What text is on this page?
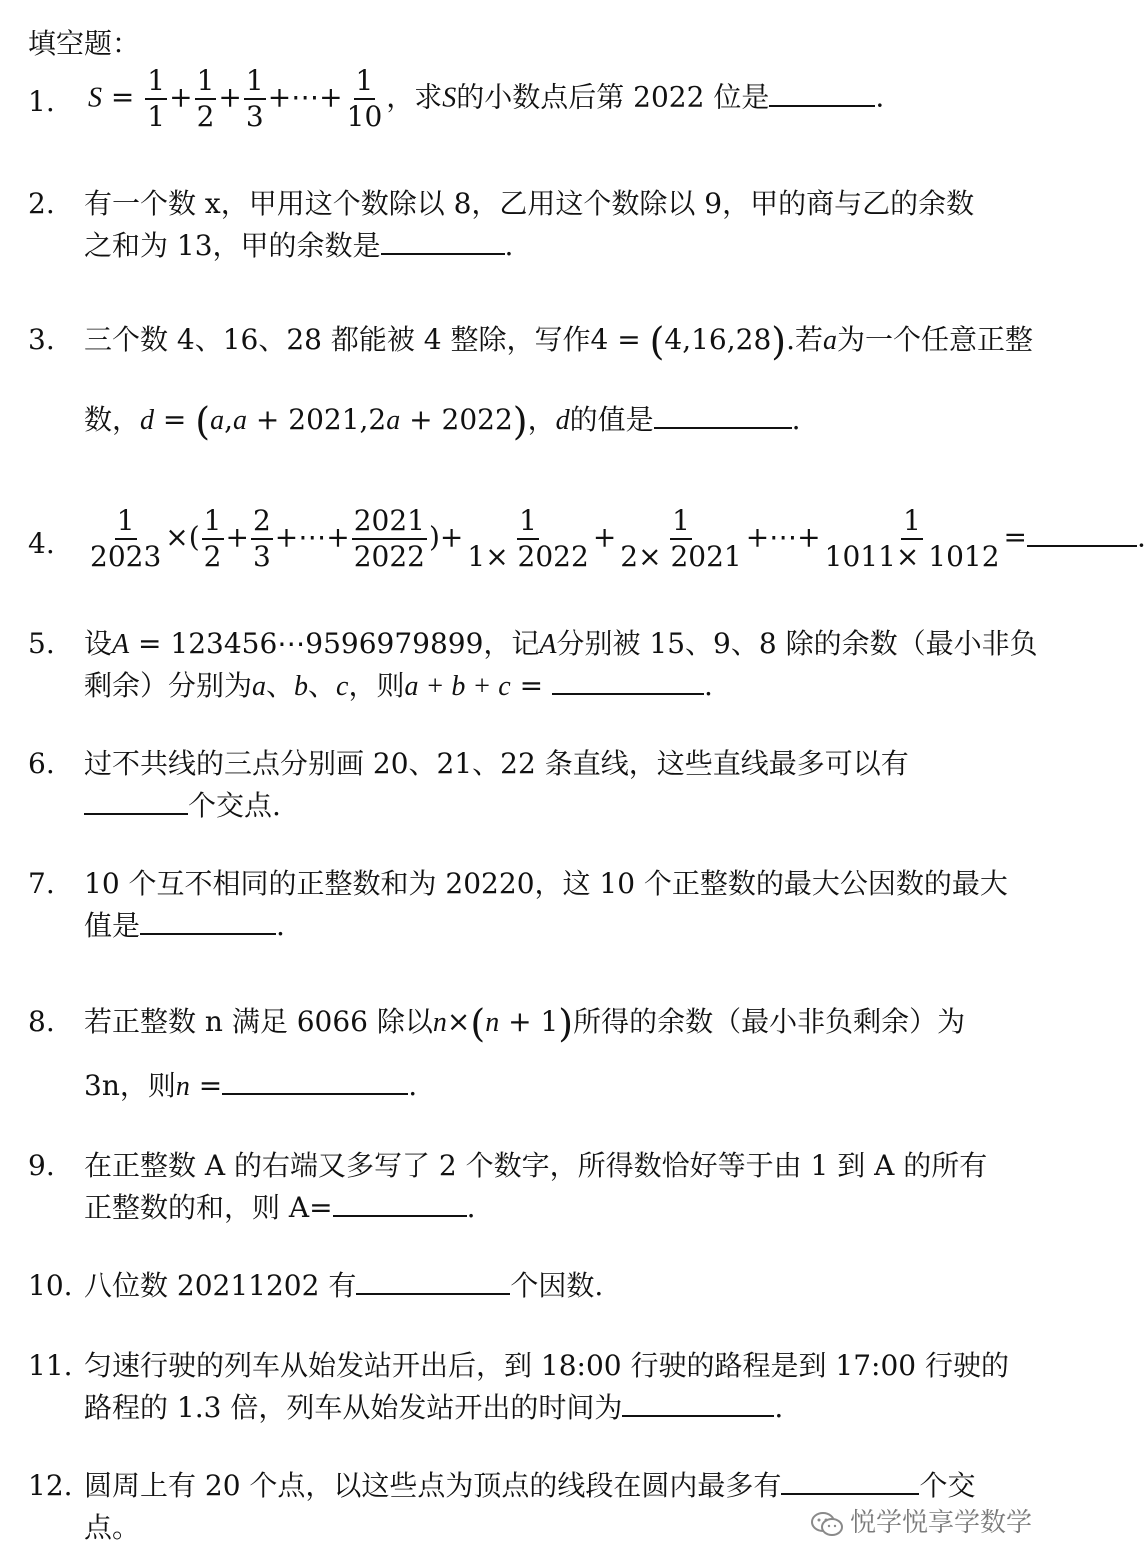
填空题：
1. $S = \frac{1}{1} + \frac{1}{2} + \frac{1}{3}$ +⋯+ $\frac{1}{10}$ ，求S的小数点后第 2022 位是	.
2. 有一个数 x，甲用这个数除以 8，乙用这个数除以 9，甲的商与乙的余数
之和为 13，甲的余数是	.
3. 三个数 4、16、28 都能被 4 整除，写作4 = (4,16,28).若a为一个任意正整
数，d = (a,a + 2021,2a + 2022)，d的值是	.
4. $\frac{1}{2023}$ ×( $\frac{1}{2} + \frac{2}{3}$ +⋯+ $\frac{2021}{2022}$ )+ $\frac{1}{1\times 2022} + \frac{1}{2\times 2021}$ +⋯+ $\frac{1}{1011\times 1012}$ =	.
5. 设A = 123456⋯9596979899，记A分别被 15、9、8 除的余数（最小非负
剩余）分别为a、b、c，则a + b + c =	.
6. 过不共线的三点分别画 20、21、22 条直线，这些直线最多可以有
个交点.
7. 10 个互不相同的正整数和为 20220，这 10 个正整数的最大公因数的最大
值是	.
8. 若正整数 n 满足 6066 除以n×(n + 1)所得的余数（最小非负剩余）为
3n，则n =	.
9. 在正整数 A 的右端又多写了 2 个数字，所得数恰好等于由 1 到 A 的所有
正整数的和，则 A=	.
10. 八位数 20211202 有	个因数.
11. 匀速行驶的列车从始发站开出后，到 18:00 行驶的路程是到 17:00 行驶的
路程的 1.3 倍，列车从始发站开出的时间为	.
12. 圆周上有 20 个点，以这些点为顶点的线段在圆内最多有	个交
点。	悦学悦享学数学
